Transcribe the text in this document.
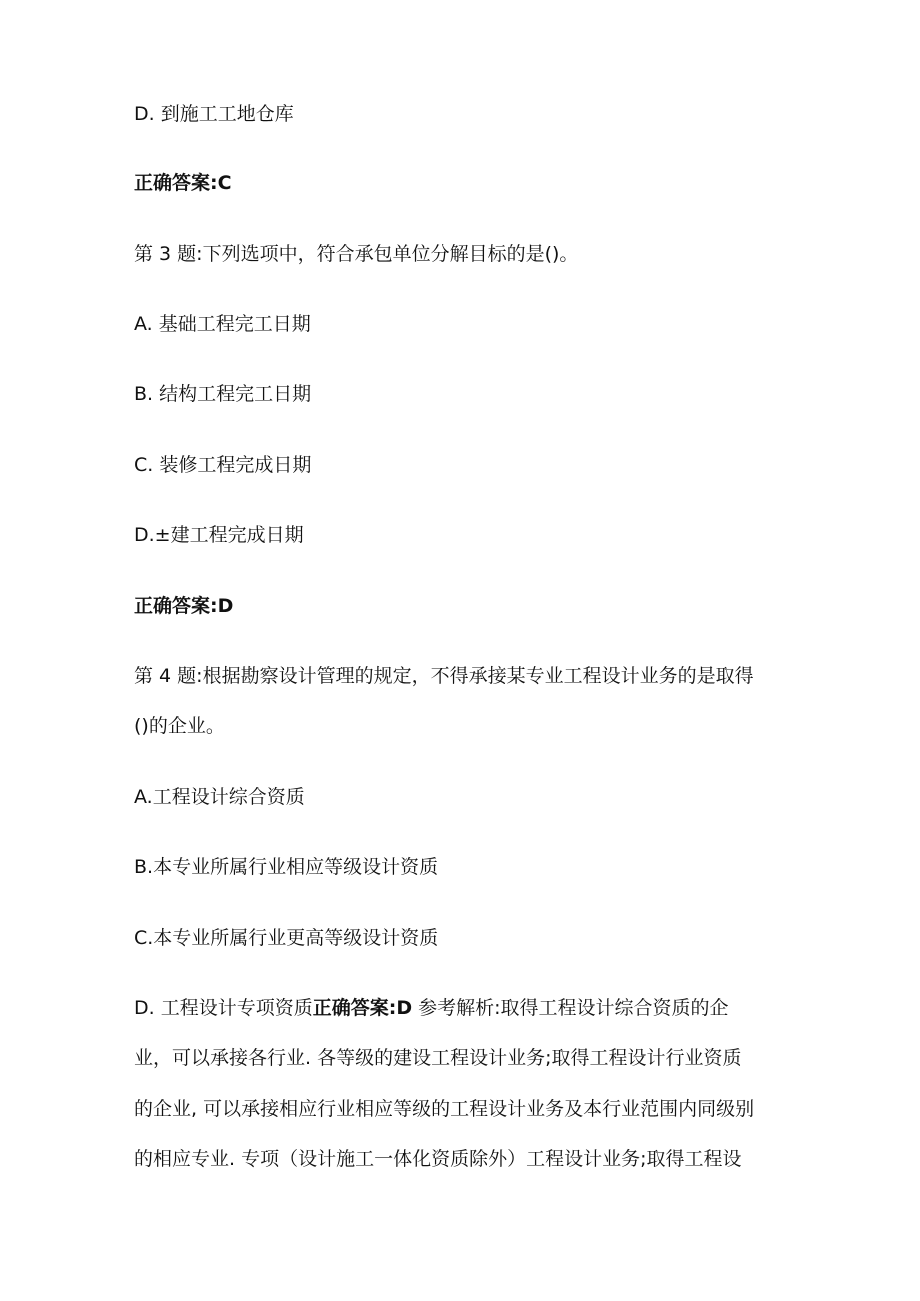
D. 到施工工地仓库
正确答案:C
第 3 题:下列选项中，符合承包单位分解目标的是()。
A. 基础工程完工日期
B. 结构工程完工日期
C. 装修工程完成日期
D.±建工程完成日期
正确答案:D
第 4 题:根据勘察设计管理的规定，不得承接某专业工程设计业务的是取得
()的企业。
A.工程设计综合资质
B.本专业所属行业相应等级设计资质
C.本专业所属行业更高等级设计资质
D. 工程设计专项资质正确答案:D 参考解析:取得工程设计综合资质的企
业，可以承接各行业. 各等级的建设工程设计业务;取得工程设计行业资质
的企业, 可以承接相应行业相应等级的工程设计业务及本行业范围内同级别
的相应专业. 专项（设计施工一体化资质除外）工程设计业务;取得工程设
